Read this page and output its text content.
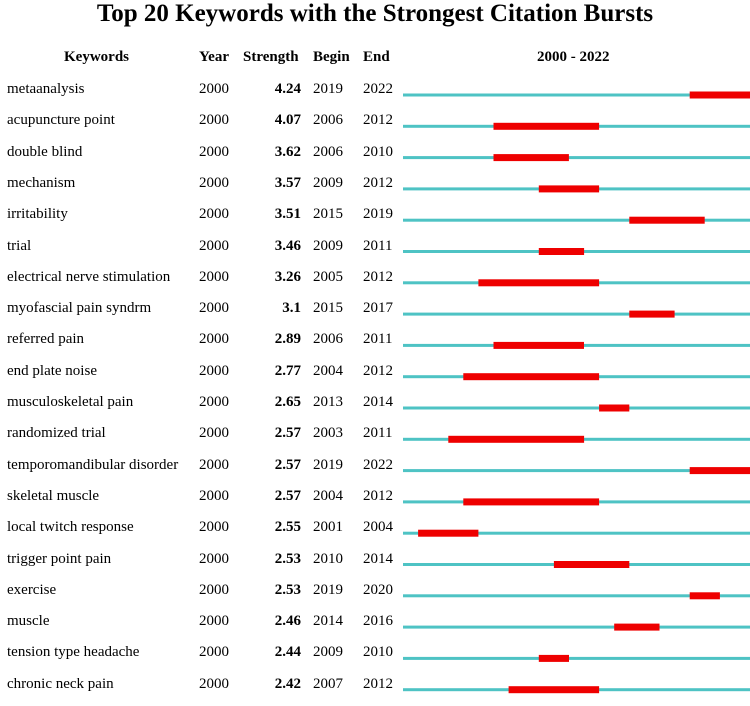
Top 20 Keywords with the Strongest Citation Bursts
Keywords	Year Strength Begin End	2000 - 2022
metaanalysis	2000	4.24 2019 2022
acupuncture point	2000	4.07 2006 2012
double blind	2000	3.62 2006 2010
mechanism	2000	3.57 2009 2012
irritability	2000	3.51 2015 2019
trial	2000	3.46 2009 2011
electrical nerve stimulation 2000	3.26 2005 2012
myofascial pain syndrm	2000	3.1 2015 2017
referred pain	2000	2.89 2006 2011
end plate noise	2000	2.77 2004 2012
musculoskeletal pain	2000	2.65 2013 2014
randomized trial	2000	2.57 2003 2011
temporomandibular disorder 2000	2.57 2019 2022
skeletal muscle	2000	2.57 2004 2012
local twitch response	2000	2.55 2001 2004
trigger point pain	2000	2.53 2010 2014
exercise	2000	2.53 2019 2020
muscle	2000	2.46 2014 2016
tension type headache	2000	2.44 2009 2010
chronic neck pain	2000	2.42 2007 2012
